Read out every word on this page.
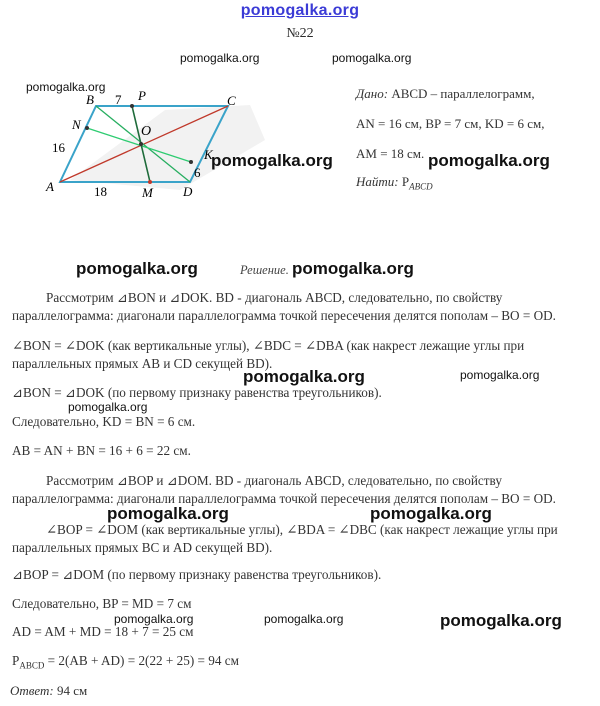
pomogalka.org
№22
pomogalka.org	pomogalka.org
pomogalka.org
B 7 P	C
N	O
16	K
6
A	18	M D
Дано: ABCD – параллелограмм,
AN = 16 см, BP = 7 см, KD = 6 см,
AM = 18 см.
Найти: $P_{ABCD}$
pomogalka.org	pomogalka.org
pomogalka.org	Решение. pomogalka.org
Рассмотрим ⊿BON и ⊿DOK. BD - диагональ ABCD, следовательно, по свойству
параллелограмма: диагонали параллелограмма точкой пересечения делятся пополам – BO = OD.
∠BON = ∠DOK (как вертикальные углы), ∠BDC = ∠DBA (как накрест лежащие углы при
параллельных прямых AB и CD секущей BD).
pomogalka.org	pomogalka.org
⊿BON = ⊿DOK (по первому признаку равенства треугольников).
pomogalka.org
Следовательно, KD = BN = 6 см.
AB = AN + BN = 16 + 6 = 22 см.
Рассмотрим ⊿BOP и ⊿DOM. BD - диагональ ABCD, следовательно, по свойству
параллелограмма: диагонали параллелограмма точкой пересечения делятся пополам – BO = OD.
pomogalka.org	pomogalka.org
∠BOP = ∠DOM (как вертикальные углы), ∠BDA = ∠DBC (как накрест лежащие углы при
параллельных прямых BC и AD секущей BD).
⊿BOP = ⊿DOM (по первому признаку равенства треугольников).
Следовательно, BP = MD = 7 см
pomogalka.org	pomogalka.org	pomogalka.org
AD = AM + MD = 18 + 7 = 25 см
$P_{ABCD} = 2(AB + AD) = 2(22 + 25) = 94$ см
Ответ: 94 см
